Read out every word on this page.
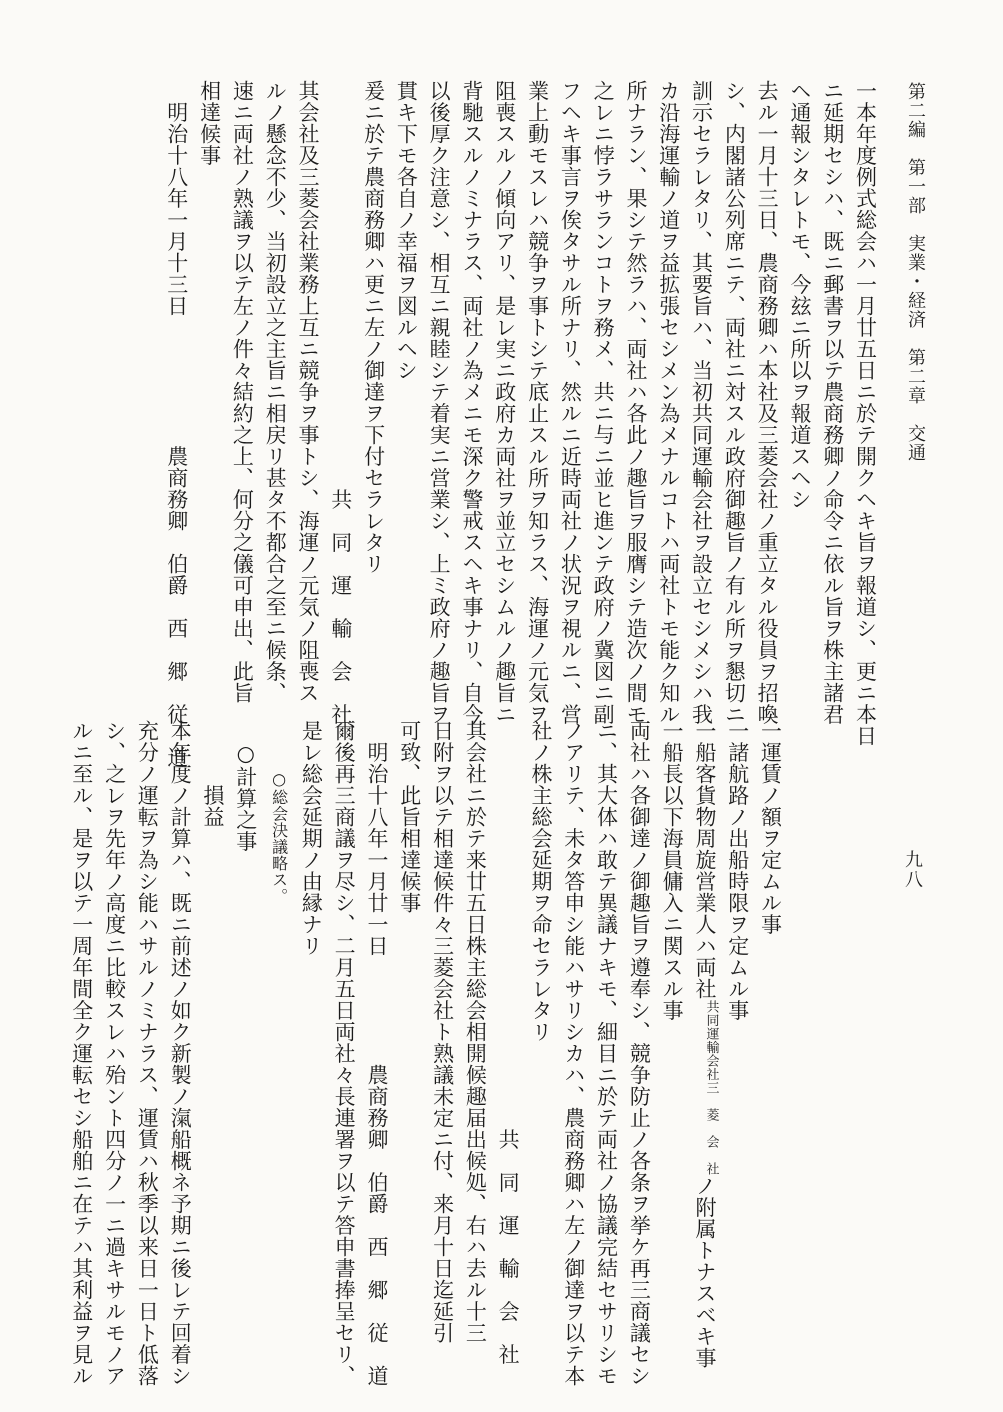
第二編　第一部　実業・経済　第二章　交通
九八
一本年度例式総会ハ一月廿五日ニ於テ開クヘキ旨ヲ報道シ、更ニ本日
ニ延期セシハ、既ニ郵書ヲ以テ農商務卿ノ命令ニ依ル旨ヲ株主諸君
ヘ通報シタレトモ、今玆ニ所以ヲ報道スヘシ
去ル一月十三日、農商務卿ハ本社及三菱会社ノ重立タル役員ヲ招喚
シ、内閣諸公列席ニテ、両社ニ対スル政府御趣旨ノ有ル所ヲ懇切ニ
訓示セラレタリ、其要旨ハ、当初共同運輸会社ヲ設立セシメシハ我
カ沿海運輸ノ道ヲ益拡張セシメン為メナルコトハ両社トモ能ク知ル
所ナラン、果シテ然ラハ、両社ハ各此ノ趣旨ヲ服膺シテ造次ノ間モ
之レニ悖ラサランコトヲ務メ、共ニ与ニ並ヒ進ンテ政府ノ冀図ニ副
フヘキ事言ヲ俟タサル所ナリ、然ルニ近時両社ノ状況ヲ視ルニ、営
業上動モスレハ競争ヲ事トシテ底止スル所ヲ知ラス、海運ノ元気ヲ
阻喪スルノ傾向アリ、是レ実ニ政府カ両社ヲ並立セシムルノ趣旨ニ
背馳スルノミナラス、両社ノ為メニモ深ク警戒スヘキ事ナリ、自今
以後厚ク注意シ、相互ニ親睦シテ着実ニ営業シ、上ミ政府ノ趣旨ヲ
貫キ下モ各自ノ幸福ヲ図ルヘシ
爰ニ於テ農商務卿ハ更ニ左ノ御達ヲ下付セラレタリ
　　　　　　　　　　　　　　　　　　　共　同　運　輸　会　社
其会社及三菱会社業務上互ニ競争ヲ事トシ、海運ノ元気ノ阻喪ス
ルノ懸念不少、当初設立之主旨ニ相戻リ甚タ不都合之至ニ候条、
速ニ両社ノ熟議ヲ以テ左ノ件々結約之上、何分之儀可申出、此旨
相達候事
　明治十八年一月十三日　　　　　　農商務卿　伯爵　西　郷　従　道
一運賃ノ額ヲ定ムル事
一諸航路ノ出船時限ヲ定ムル事
一船客貨物周旋営業人ハ両社
三　菱　会　社
共同運輸会社
ノ附属トナスベキ事
一船長以下海員傭入ニ関スル事
両社ハ各御達ノ御趣旨ヲ遵奉シ、競争防止ノ各条ヲ挙ケ再三商議セシ
ニ、其大体ハ敢テ異議ナキモ、細目ニ於テ両社ノ協議完結セサリシモ
ノアリテ、未タ答申シ能ハサリシカハ、農商務卿ハ左ノ御達ヲ以テ本
社ノ株主総会延期ヲ命セラレタリ
　　　　　　　　　　　　　　　　　　　共　同　運　輸　会　社
其会社ニ於テ来廿五日株主総会相開候趣届出候処、右ハ去ル十三
日附ヲ以テ相達候件々三菱会社ト熟議未定ニ付、来月十日迄延引
可致、此旨相達候事
　明治十八年一月廿一日　　　　　農商務卿　伯爵　西　郷　従　道
爾後再三商議ヲ尽シ、二月五日両社々長連署ヲ以テ答申書捧呈セリ、
是レ総会延期ノ由縁ナリ
　　　○総会決議略ス。
　○計算之事
　　　損益
本年度ノ計算ハ、既ニ前述ノ如ク新製ノ滊船概ネ予期ニ後レテ回着シ
充分ノ運転ヲ為シ能ハサルノミナラス、運賃ハ秋季以来日一日ト低落
シ、之レヲ先年ノ高度ニ比較スレハ殆ント四分ノ一ニ過キサルモノア
ルニ至ル、是ヲ以テ一周年間全ク運転セシ船舶ニ在テハ其利益ヲ見ル
